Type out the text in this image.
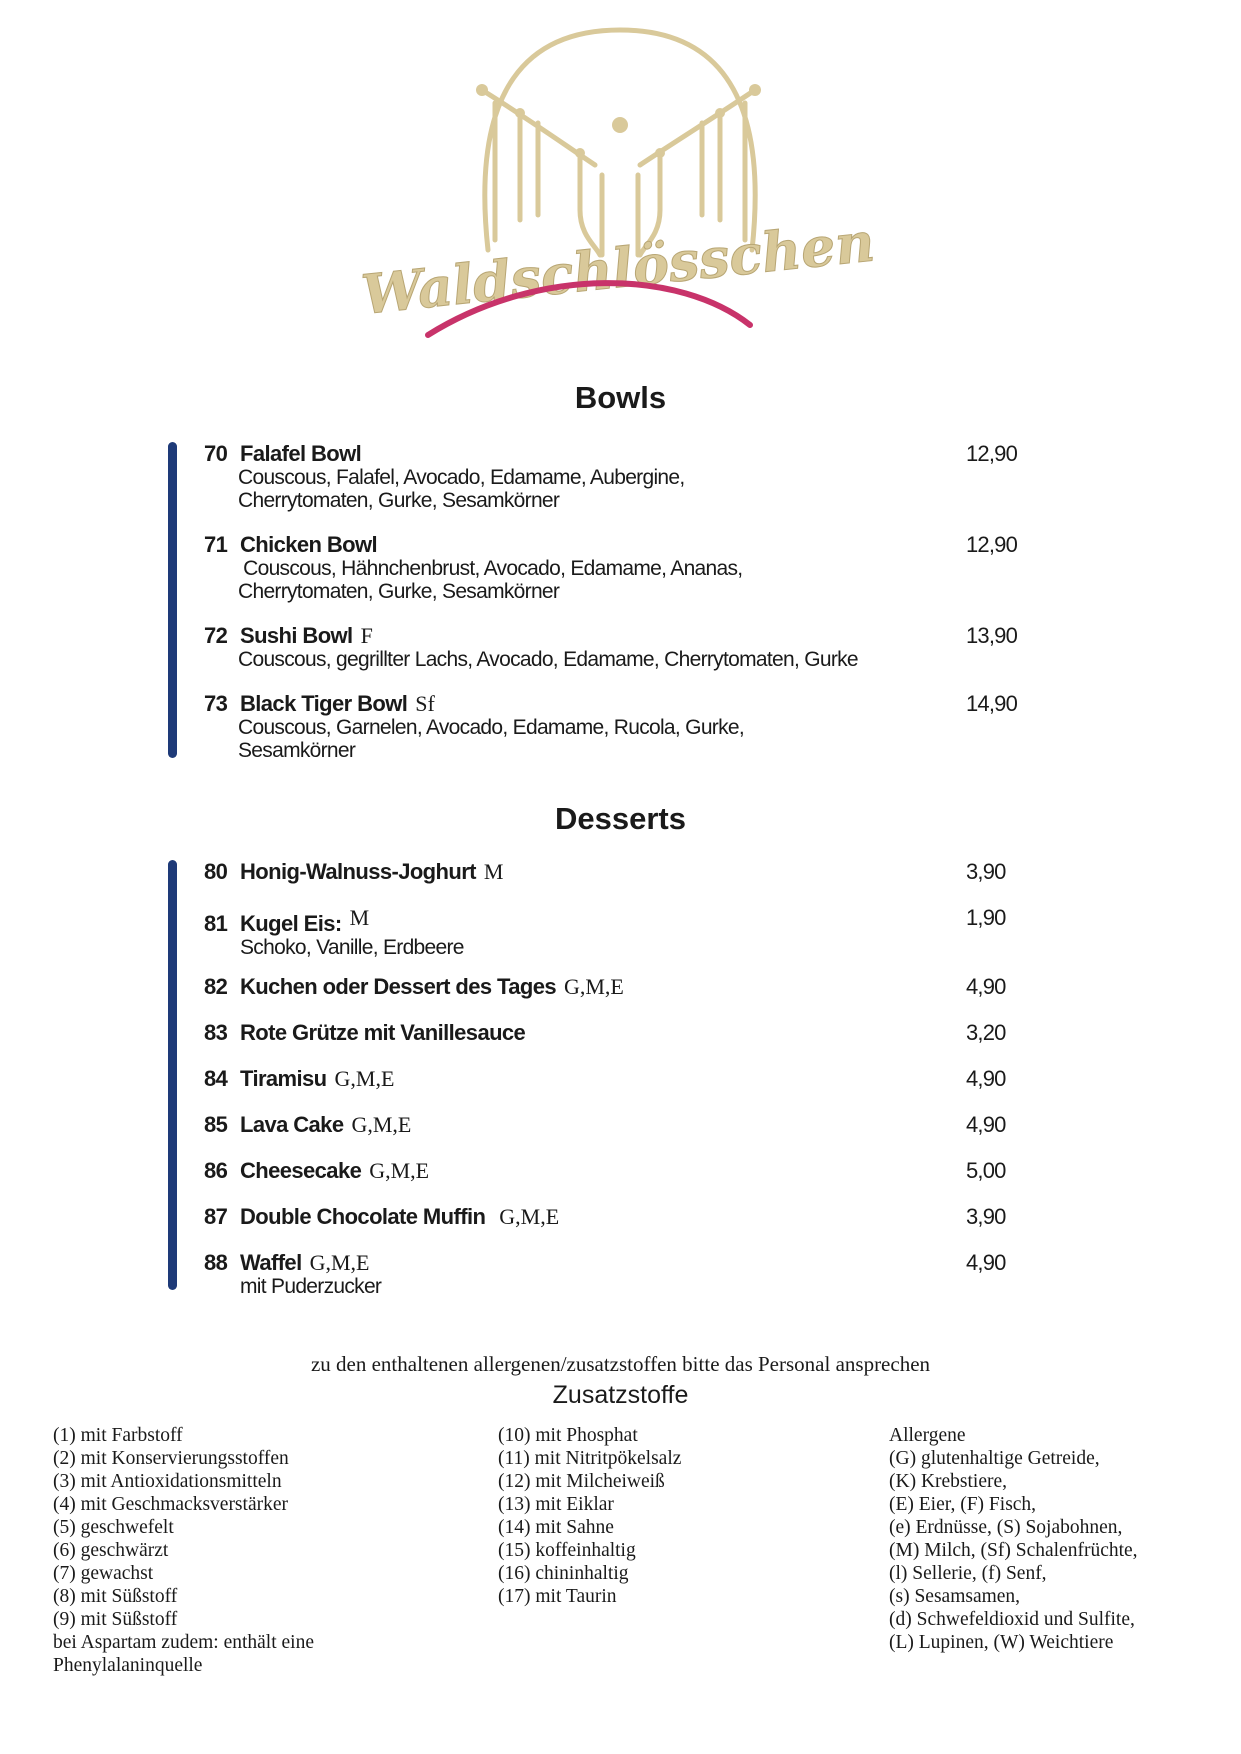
Waldschlösschen
Bowls
70 Falafel Bowl
Couscous, Falafel, Avocado, Edamame, Aubergine,
Cherrytomaten, Gurke, Sesamkörner
12,90
71 Chicken Bowl
Couscous, Hähnchenbrust, Avocado, Edamame, Ananas,
Cherrytomaten, Gurke, Sesamkörner
12,90
72 Sushi Bowl F
Couscous, gegrillter Lachs, Avocado, Edamame, Cherrytomaten, Gurke
13,90
73 Black Tiger Bowl Sf
Couscous, Garnelen, Avocado, Edamame, Rucola, Gurke,
Sesamkörner
14,90
Desserts
80 Honig-Walnuss-Joghurt M	3,90
81 Kugel Eis: M
Schoko, Vanille, Erdbeere
1,90
82 Kuchen oder Dessert des Tages G,M,E	4,90
83 Rote Grütze mit Vanillesauce	3,20
84 Tiramisu G,M,E	4,90
85 Lava Cake G,M,E	4,90
86 Cheesecake G,M,E	5,00
87 Double Chocolate Muffin G,M,E	3,90
88 Waffel G,M,E
mit Puderzucker
4,90
zu den enthaltenen allergenen/zusatzstoffen bitte das Personal ansprechen
Zusatzstoffe
(1) mit Farbstoff
(2) mit Konservierungsstoffen
(3) mit Antioxidationsmitteln
(4) mit Geschmacksverstärker
(5) geschwefelt
(6) geschwärzt
(7) gewachst
(8) mit Süßstoff
(9) mit Süßstoff
bei Aspartam zudem: enthält eine
Phenylalaninquelle
(10) mit Phosphat
(11) mit Nitritpökelsalz
(12) mit Milcheiweiß
(13) mit Eiklar
(14) mit Sahne
(15) koffeinhaltig
(16) chininhaltig
(17) mit Taurin
Allergene
(G) glutenhaltige Getreide,
(K) Krebstiere,
(E) Eier, (F) Fisch,
(e) Erdnüsse, (S) Sojabohnen,
(M) Milch, (Sf) Schalenfrüchte,
(l) Sellerie, (f) Senf,
(s) Sesamsamen,
(d) Schwefeldioxid und Sulfite,
(L) Lupinen, (W) Weichtiere
